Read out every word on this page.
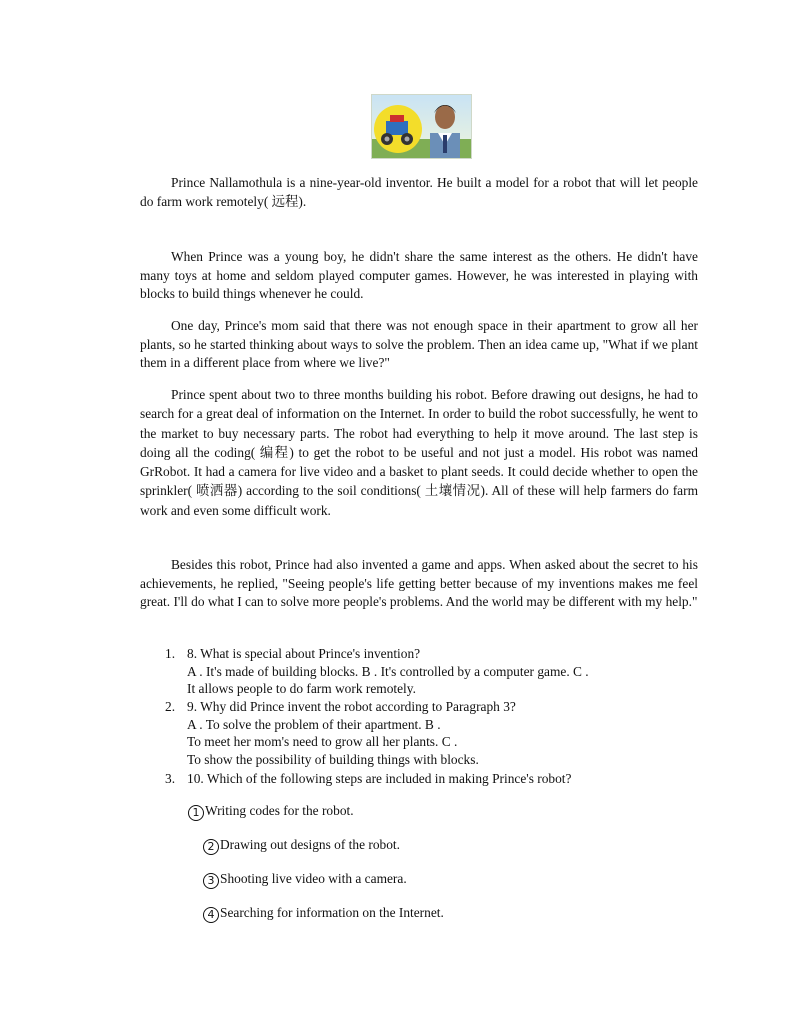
Prince Nallamothula is a nine-year-old inventor. He built a model for a robot that will let people do farm work remotely( 远程).

When Prince was a young boy, he didn't share the same interest as the others. He didn't have many toys at home and seldom played computer games. However, he was interested in playing with blocks to build things whenever he could.

One day, Prince's mom said that there was not enough space in their apartment to grow all her plants, so he started thinking about ways to solve the problem. Then an idea came up, "What if we plant them in a different place from where we live?"

Prince spent about two to three months building his robot. Before drawing out designs, he had to search for a great deal of information on the Internet. In order to build the robot successfully, he went to the market to buy necessary parts. The robot had everything to help it move around. The last step is doing all the coding( 编程) to get the robot to be useful and not just a model. His robot was named GrRobot. It had a camera for live video and a basket to plant seeds. It could decide whether to open the sprinkler( 喷洒器) according to the soil conditions( 土壤情况). All of these will help farmers do farm work and even some difficult work.

Besides this robot, Prince had also invented a game and apps. When asked about the secret to his achievements, he replied, "Seeing people's life getting better because of my inventions makes me feel great. I'll do what I can to solve more people's problems. And the world may be different with my help."

1. 8. What is special about Prince's invention?
A . It's made of building blocks. B . It's controlled by a computer game. C .
It allows people to do farm work remotely.
2. 9. Why did Prince invent the robot according to Paragraph 3?
A . To solve the problem of their apartment. B .
To meet her mom's need to grow all her plants. C .
To show the possibility of building things with blocks.
3. 10. Which of the following steps are included in making Prince's robot?
1 Writing codes for the robot.
2 Drawing out designs of the robot.
3 Shooting live video with a camera.
4 Searching for information on the Internet.
